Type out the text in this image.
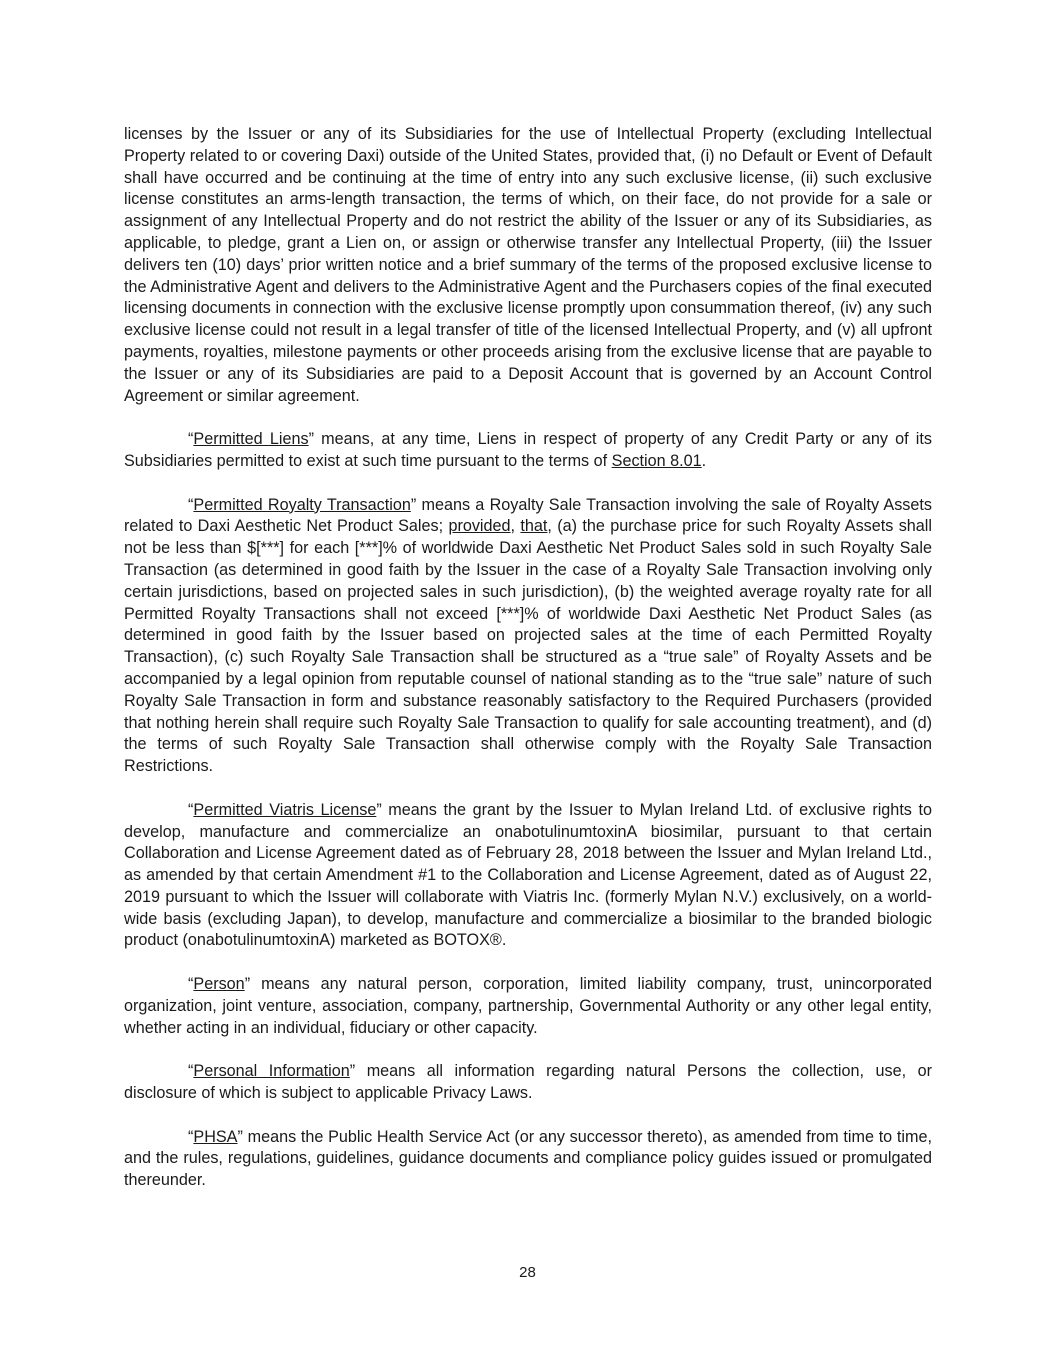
licenses by the Issuer or any of its Subsidiaries for the use of Intellectual Property (excluding Intellectual Property related to or covering Daxi) outside of the United States, provided that, (i) no Default or Event of Default shall have occurred and be continuing at the time of entry into any such exclusive license, (ii) such exclusive license constitutes an arms-length transaction, the terms of which, on their face, do not provide for a sale or assignment of any Intellectual Property and do not restrict the ability of the Issuer or any of its Subsidiaries, as applicable, to pledge, grant a Lien on, or assign or otherwise transfer any Intellectual Property, (iii) the Issuer delivers ten (10) days’ prior written notice and a brief summary of the terms of the proposed exclusive license to the Administrative Agent and delivers to the Administrative Agent and the Purchasers copies of the final executed licensing documents in connection with the exclusive license promptly upon consummation thereof, (iv) any such exclusive license could not result in a legal transfer of title of the licensed Intellectual Property, and (v) all upfront payments, royalties, milestone payments or other proceeds arising from the exclusive license that are payable to the Issuer or any of its Subsidiaries are paid to a Deposit Account that is governed by an Account Control Agreement or similar agreement.

“Permitted Liens” means, at any time, Liens in respect of property of any Credit Party or any of its Subsidiaries permitted to exist at such time pursuant to the terms of Section 8.01.

“Permitted Royalty Transaction” means a Royalty Sale Transaction involving the sale of Royalty Assets related to Daxi Aesthetic Net Product Sales; provided, that, (a) the purchase price for such Royalty Assets shall not be less than $[***] for each [***]% of worldwide Daxi Aesthetic Net Product Sales sold in such Royalty Sale Transaction (as determined in good faith by the Issuer in the case of a Royalty Sale Transaction involving only certain jurisdictions, based on projected sales in such jurisdiction), (b) the weighted average royalty rate for all Permitted Royalty Transactions shall not exceed [***]% of worldwide Daxi Aesthetic Net Product Sales (as determined in good faith by the Issuer based on projected sales at the time of each Permitted Royalty Transaction), (c) such Royalty Sale Transaction shall be structured as a “true sale” of Royalty Assets and be accompanied by a legal opinion from reputable counsel of national standing as to the “true sale” nature of such Royalty Sale Transaction in form and substance reasonably satisfactory to the Required Purchasers (provided that nothing herein shall require such Royalty Sale Transaction to qualify for sale accounting treatment), and (d) the terms of such Royalty Sale Transaction shall otherwise comply with the Royalty Sale Transaction Restrictions.

“Permitted Viatris License” means the grant by the Issuer to Mylan Ireland Ltd. of exclusive rights to develop, manufacture and commercialize an onabotulinumtoxinA biosimilar, pursuant to that certain Collaboration and License Agreement dated as of February 28, 2018 between the Issuer and Mylan Ireland Ltd., as amended by that certain Amendment #1 to the Collaboration and License Agreement, dated as of August 22, 2019 pursuant to which the Issuer will collaborate with Viatris Inc. (formerly Mylan N.V.) exclusively, on a world-wide basis (excluding Japan), to develop, manufacture and commercialize a biosimilar to the branded biologic product (onabotulinumtoxinA) marketed as BOTOX®.

“Person” means any natural person, corporation, limited liability company, trust, unincorporated organization, joint venture, association, company, partnership, Governmental Authority or any other legal entity, whether acting in an individual, fiduciary or other capacity.

“Personal Information” means all information regarding natural Persons the collection, use, or disclosure of which is subject to applicable Privacy Laws.

“PHSA” means the Public Health Service Act (or any successor thereto), as amended from time to time, and the rules, regulations, guidelines, guidance documents and compliance policy guides issued or promulgated thereunder.

28
